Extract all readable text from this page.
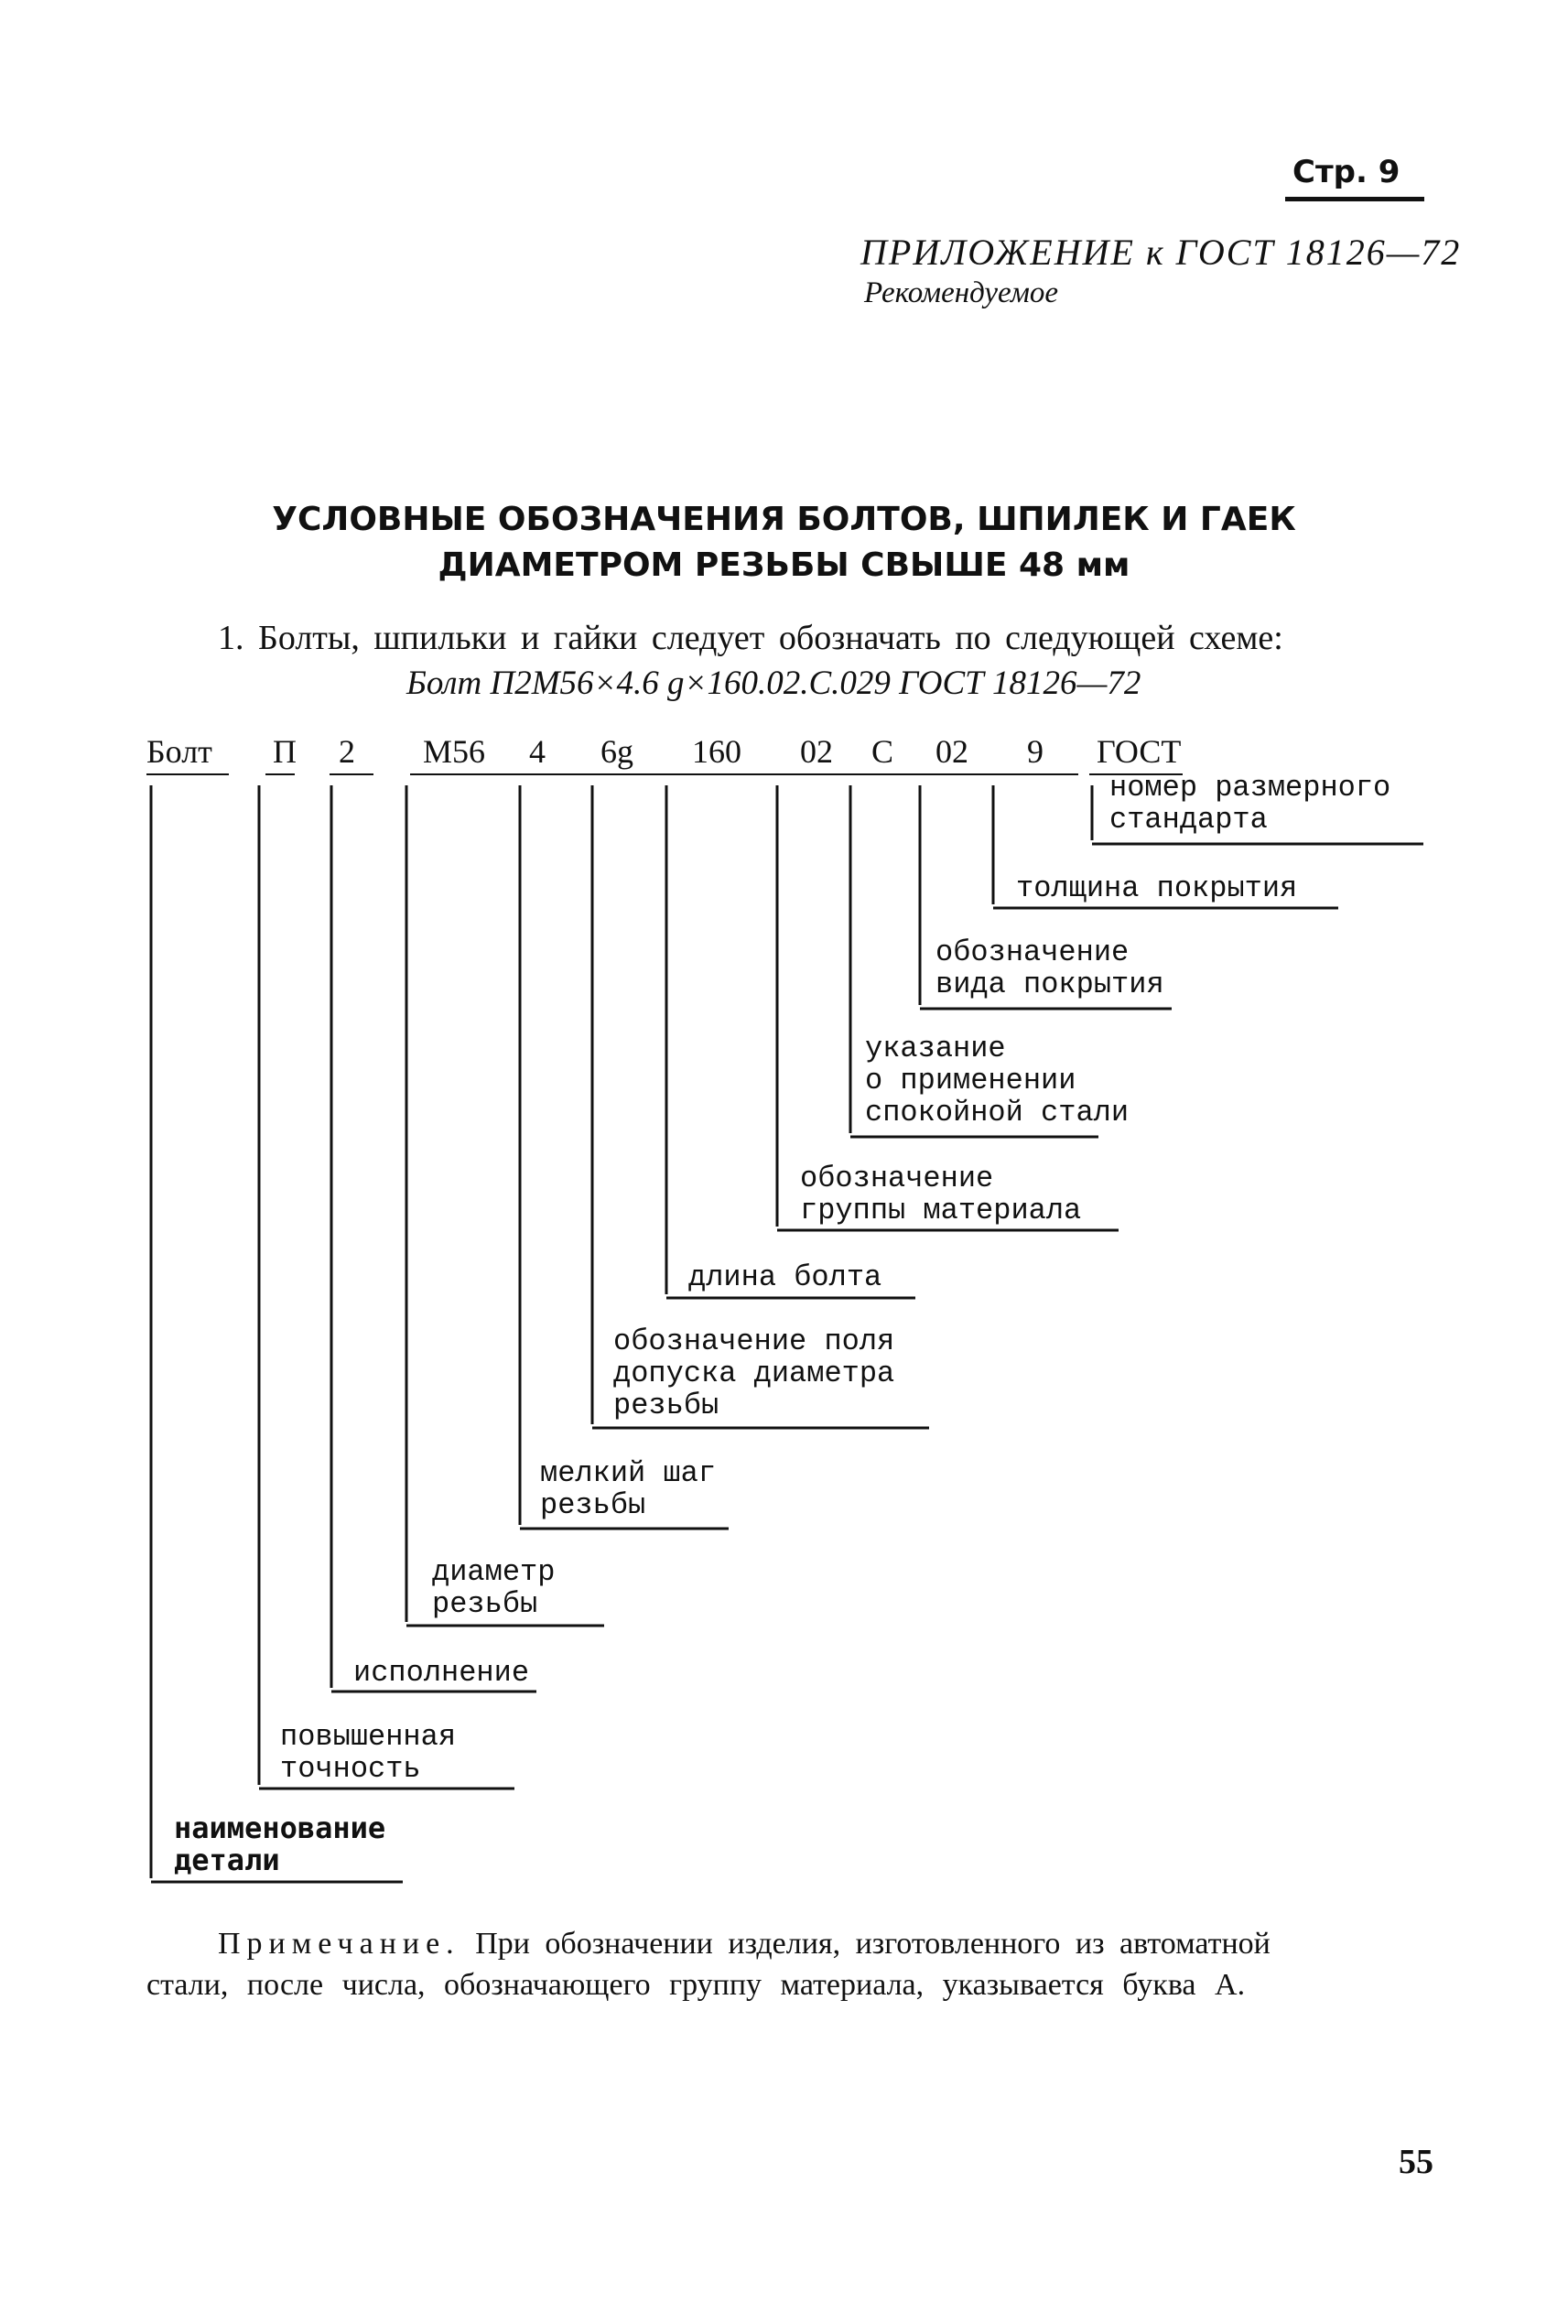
Стр. 9
ПРИЛОЖЕНИЕ к ГОСТ 18126—72
Рекомендуемое
УСЛОВНЫЕ ОБОЗНАЧЕНИЯ БОЛТОВ, ШПИЛЕК И ГАЕК
ДИАМЕТРОМ РЕЗЬБЫ СВЫШЕ 48 мм
1. Болты, шпильки и гайки следует обозначать по следующей схеме:
Болт П2М56×4.6 g×160.02.С.029 ГОСТ 18126—72
Болт П 2 М56 4 6g 160 02 С 02 9 ГОСТ
номер размерного
стандарта
толщина покрытия
обозначение
вида покрытия
указание
о применении
спокойной стали
обозначение
группы материала
длина болта
обозначение поля
допуска диаметра
резьбы
мелкий шаг
резьбы
диаметр
резьбы
исполнение
повышенная
точность
наименование
детали
Примечание. При обозначении изделия, изготовленного из автоматной
стали, после числа, обозначающего группу материала, указывается буква А.
55
